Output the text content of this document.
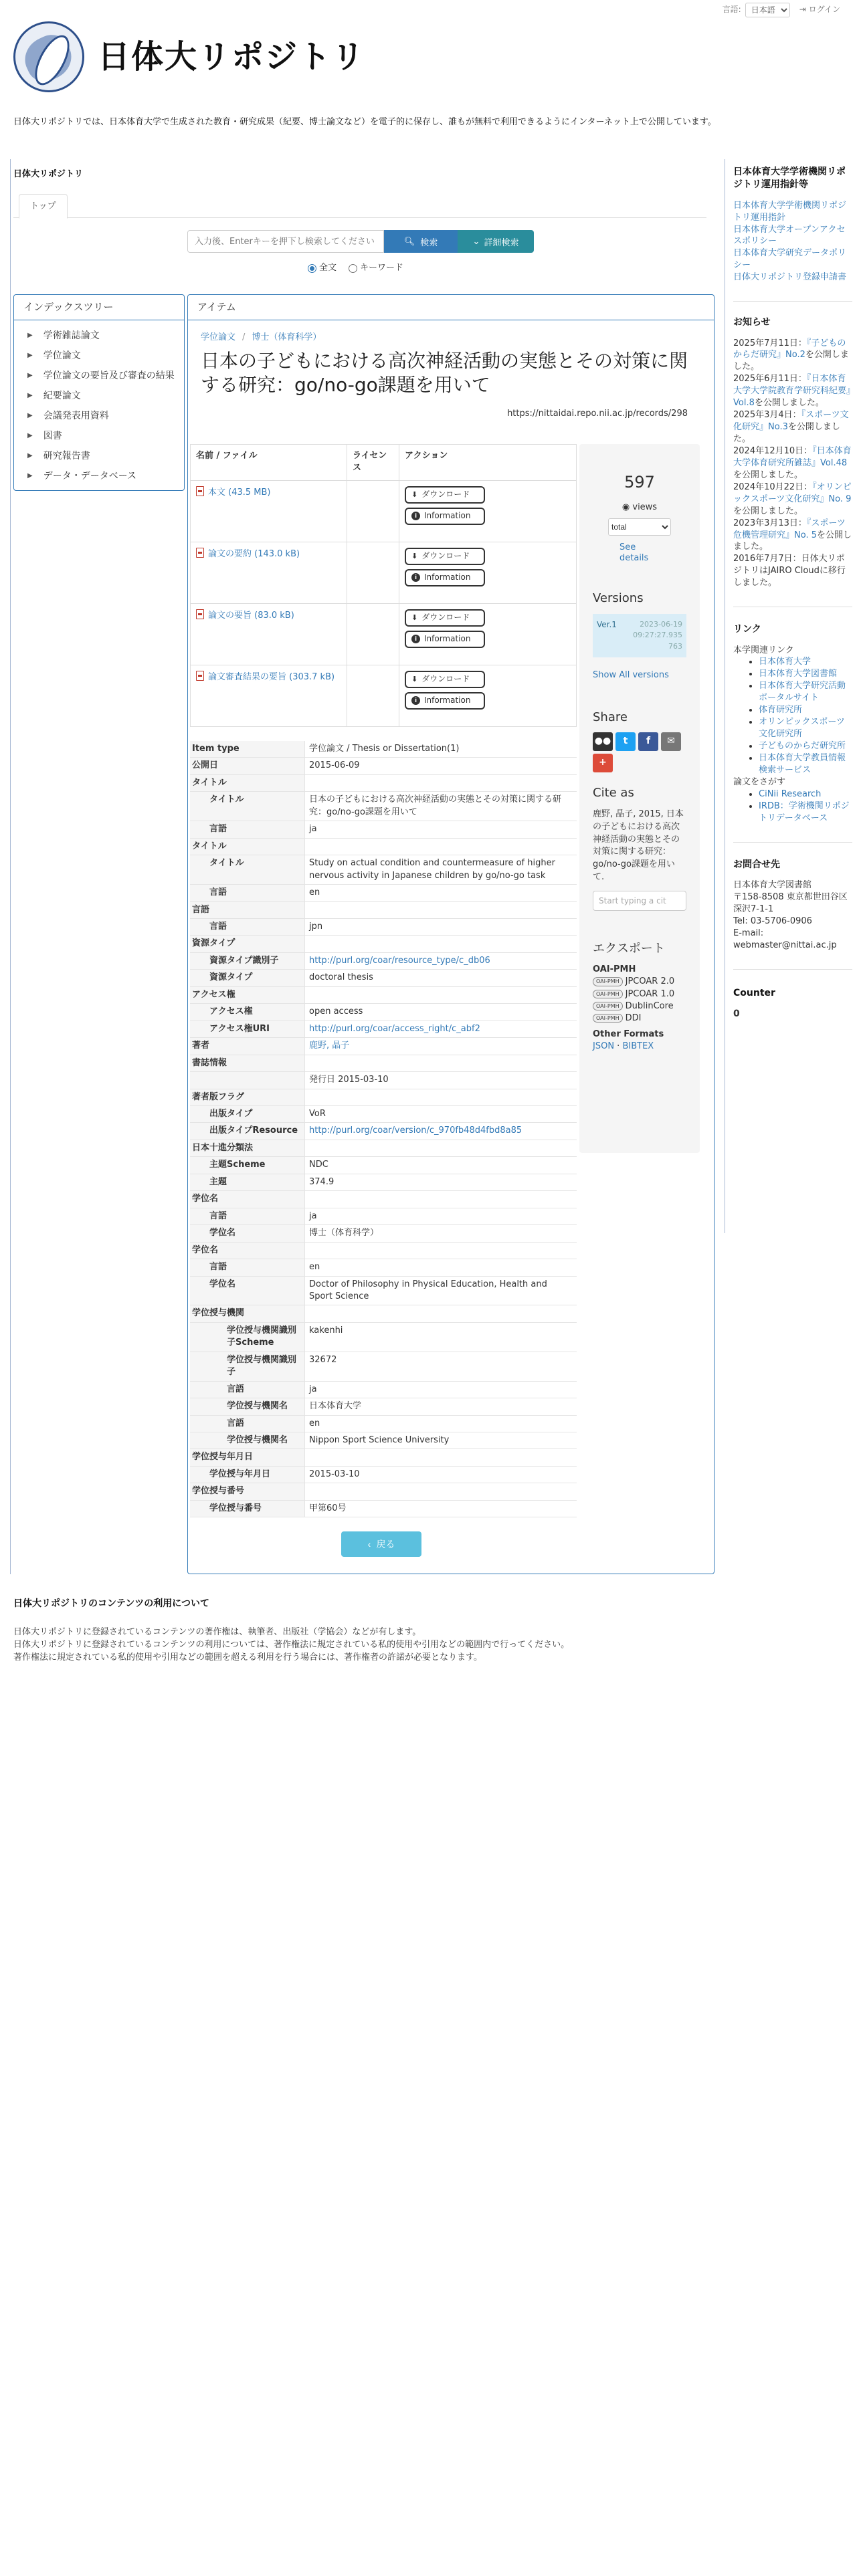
言語:
日本語	⇥ ログイン
日体大リポジトリ
日体大リポジトリでは、日本体育大学で生成された教育・研究成果（紀要、博士論文など）を電子的に保存し、誰もが無料で利用できるようにインターネット上で公開しています。
日体大リポジトリ
トップ
入力後、Enterキーを押下し検索してください
🔍︎ 検索	⌄ 詳細検索
全文	キーワード
インデックスツリー
▶ 学術雑誌論文
▶ 学位論文
▶ 学位論文の要旨及び審査の結果
▶ 紀要論文
▶ 会議発表用資料
▶ 図書
▶ 研究報告書
▶ データ・データベース
アイテム
学位論文 / 博士（体育科学）
日本の子どもにおける高次神経活動の実態とその対策に関する研究：go/no-go課題を用いて
https://nittaidai.repo.nii.ac.jp/records/298
名前 / ファイル	ライセンス	アクション
本文 (43.5 MB)		⬇ ダウンロード
i Information

論文の要約 (143.0 kB)		⬇ ダウンロード
i Information

論文の要旨 (83.0 kB)		⬇ ダウンロード
i Information

論文審査結果の要旨 (303.7 kB)		⬇ ダウンロード
i Information
Item type	学位論文 / Thesis or Dissertation(1)
公開日	2015-06-09
タイトル
タイトル	日本の子どもにおける高次神経活動の実態とその対策に関する研究：go/no-go課題を用いて
言語	ja
タイトル
タイトル	Study on actual condition and countermeasure of higher nervous activity in Japanese children by go/no-go task
言語	en
言語
言語	jpn
資源タイプ
資源タイプ識別子	http://purl.org/coar/resource_type/c_db06
資源タイプ	doctoral thesis
アクセス権
アクセス権	open access
アクセス権URI	http://purl.org/coar/access_right/c_abf2
著者	鹿野, 晶子
書誌情報
発行日 2015-03-10
著者版フラグ
出版タイプ	VoR
出版タイプResource	http://purl.org/coar/version/c_970fb48d4fbd8a85
日本十進分類法
主題Scheme	NDC
主題	374.9
学位名
言語	ja
学位名	博士（体育科学）
学位名
言語	en
学位名	Doctor of Philosophy in Physical Education, Health and Sport Science
学位授与機関
学位授与機関識別子Scheme
kakenhi
学位授与機関識別子
32672
言語	ja
学位授与機関名	日本体育大学
言語	en
学位授与機関名	Nippon Sport Science University
学位授与年月日
学位授与年月日	2015-03-10
学位授与番号
学位授与番号	甲第60号
597
◉ views
total
See details
Versions
Ver.1	2023-06-19
09:27:27.935
763
Show All versions
Share
●●	t	f	✉
+
Cite as
鹿野, 晶子, 2015, 日本の子どもにおける高次神経活動の実態とその対策に関する研究：go/no-go課題を用いて.
Start typing a cit
エクスポート
OAI-PMH
OAI-PMH JPCOAR 2.0
OAI-PMH JPCOAR 1.0
OAI-PMH DublinCore
OAI-PMH DDI
Other Formats
JSON · BIBTEX
‹ 戻る
日本体育大学学術機関リポジトリ運用指針等
日本体育大学学術機関リポジトリ運用指針
日本体育大学オープンアクセスポリシー
日本体育大学研究データポリシー
日体大リポジトリ登録申請書
お知らせ
2025年7月11日：『子どものからだ研究』No.2を公開しました。
2025年6月11日：『日本体育大学大学院教育学研究科紀要』Vol.8を公開しました。
2025年3月4日：『スポーツ文化研究』No.3を公開しました。
2024年12月10日：『日本体育大学体育研究所雑誌』Vol.48を公開しました。
2024年10月22日：『オリンピックスポーツ文化研究』No. 9を公開しました。
2023年3月13日：『スポーツ危機管理研究』No. 5を公開しました。
2016年7月7日：日体大リポジトリはJAIRO Cloudに移行しました。
リンク
本学関連リンク
• 日本体育大学
• 日本体育大学図書館
• 日本体育大学研究活動ポータルサイト
• 体育研究所
• オリンピックスポーツ文化研究所
• 子どものからだ研究所
• 日本体育大学教員情報検索サービス
論文をさがす
• CiNii Research
• IRDB：学術機関リポジトリデータベース
お問合せ先
日本体育大学図書館
〒158-8508 東京都世田谷区深沢7-1-1
Tel: 03-5706-0906
E-mail:
webmaster@nittai.ac.jp
Counter
0
日体大リポジトリのコンテンツの利用について
日体大リポジトリに登録されているコンテンツの著作権は、執筆者、出版社（学協会）などが有します。
日体大リポジトリに登録されているコンテンツの利用については、著作権法に規定されている私的使用や引用などの範囲内で行ってください。
著作権法に規定されている私的使用や引用などの範囲を超える利用を行う場合には、著作権者の許諾が必要となります。
